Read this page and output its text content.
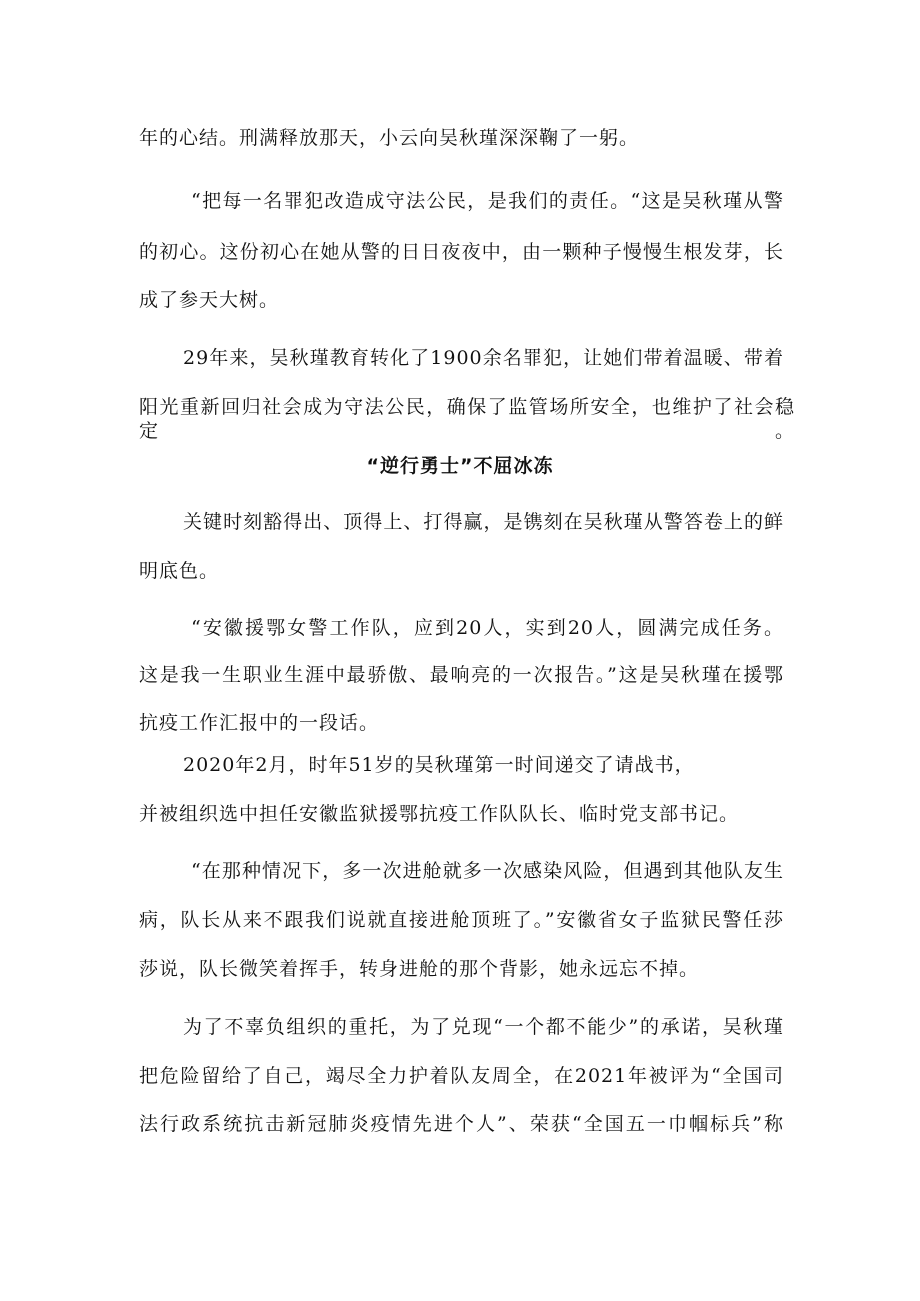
年的心结。刑满释放那天，小云向吴秋瑾深深鞠了一躬。
“把每一名罪犯改造成守法公民，是我们的责任。“这是吴秋瑾从警
的初心。这份初心在她从警的日日夜夜中，由一颗种子慢慢生根发芽，长
成了参天大树。
29年来，吴秋瑾教育转化了1900余名罪犯，让她们带着温暖、带着
阳光重新回归社会成为守法公民，确保了监管场所安全，也维护了社会稳定。
“逆行勇士”不屈冰冻
关键时刻豁得出、顶得上、打得赢，是镌刻在吴秋瑾从警答卷上的鲜
明底色。
“安徽援鄂女警工作队，应到20人，实到20人，圆满完成任务。
这是我一生职业生涯中最骄傲、最响亮的一次报告。”这是吴秋瑾在援鄂
抗疫工作汇报中的一段话。
2020年2月，时年51岁的吴秋瑾第一时间递交了请战书，
并被组织选中担任安徽监狱援鄂抗疫工作队队长、临时党支部书记。
“在那种情况下，多一次进舱就多一次感染风险，但遇到其他队友生
病，队长从来不跟我们说就直接进舱顶班了。”安徽省女子监狱民警任莎
莎说，队长微笑着挥手，转身进舱的那个背影，她永远忘不掉。
为了不辜负组织的重托，为了兑现“一个都不能少”的承诺，吴秋瑾
把危险留给了自己，竭尽全力护着队友周全，在2021年被评为“全国司
法行政系统抗击新冠肺炎疫情先进个人”、荣获“全国五一巾帼标兵”称
